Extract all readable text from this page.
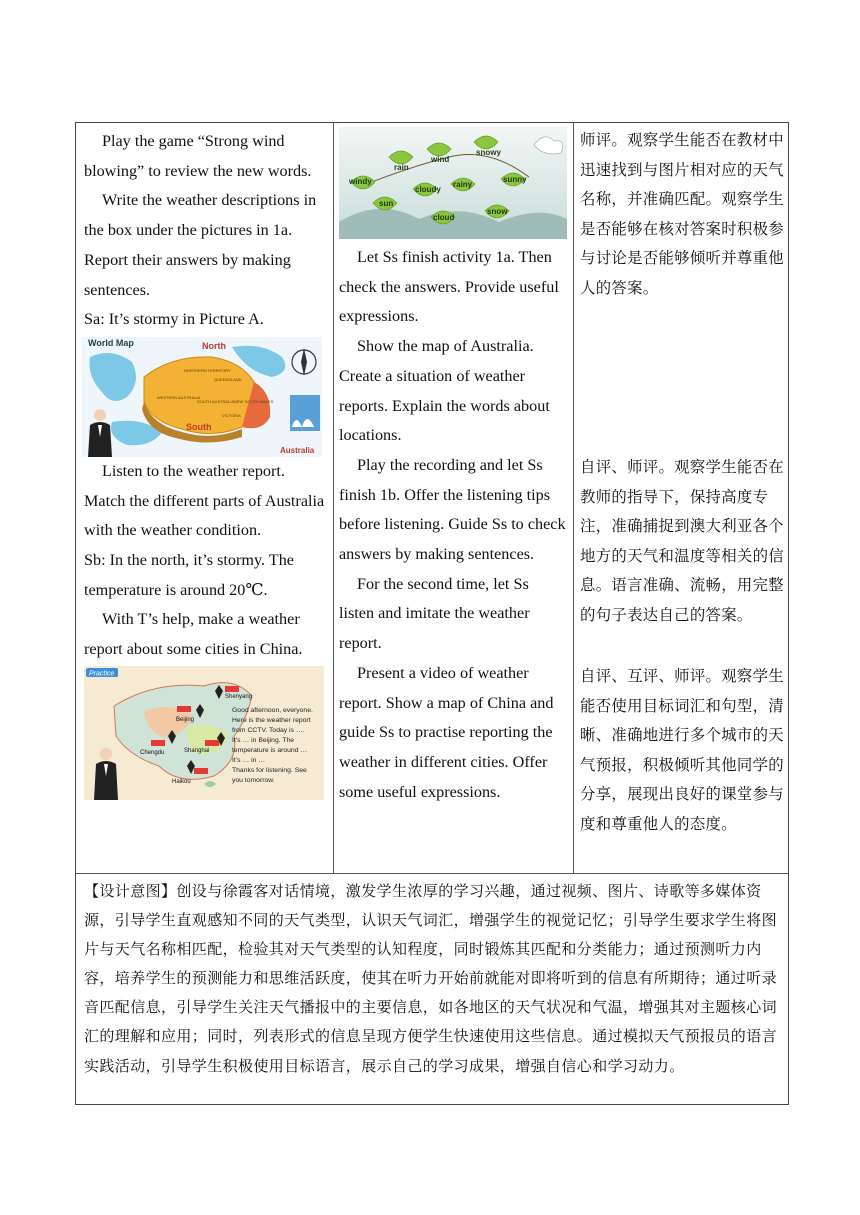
Play the game “Strong wind blowing” to review the new words.

Write the weather descriptions in the box under the pictures in 1a. Report their answers by making sentences.

Sa: It’s stormy in Picture A.

World Map	North
South
Australia
NORTHERN TERRITORY
QUEENSLAND
WESTERN AUSTRALIA
SOUTH AUSTRALIA NEW SOUTH WALES
VICTORIA

Listen to the weather report. Match the different parts of Australia with the weather condition.

Sb: In the north, it’s stormy. The temperature is around 20℃.

With T’s help, make a weather report about some cities in China.

Practice
Shenyang
Beijing
Chengdu	Shanghai
Haikou
Good afternoon, everyone.
Here is the weather report
from CCTV. Today is ….
It’s … in Beijing. The
temperature is around …
It’s … in …
Thanks for listening. See
you tomorrow.
rain
wind
snowy
windy
cloudy
rainy
sunny
sun
cloud
snow

Let Ss finish activity 1a. Then check the answers. Provide useful expressions.

Show the map of Australia. Create a situation of weather reports. Explain the words about locations.

Play the recording and let Ss finish 1b. Offer the listening tips before listening. Guide Ss to check answers by making sentences.

For the second time, let Ss listen and imitate the weather report.

Present a video of weather report. Show a map of China and guide Ss to practise reporting the weather in different cities. Offer some useful expressions.

师评。观察学生能否在教材中迅速找到与图片相对应的天气名称，并准确匹配。观察学生是否能够在核对答案时积极参与讨论是否能够倾听并尊重他人的答案。

自评、师评。观察学生能否在教师的指导下，保持高度专注，准确捕捉到澳大利亚各个地方的天气和温度等相关的信息。语言准确、流畅，用完整的句子表达自己的答案。

自评、互评、师评。观察学生能否使用目标词汇和句型，清晰、准确地进行多个城市的天气预报，积极倾听其他同学的分享，展现出良好的课堂参与度和尊重他人的态度。

【设计意图】创设与徐霞客对话情境，激发学生浓厚的学习兴趣，通过视频、图片、诗歌等多媒体资源，引导学生直观感知不同的天气类型，认识天气词汇，增强学生的视觉记忆；引导学生要求学生将图片与天气名称相匹配，检验其对天气类型的认知程度，同时锻炼其匹配和分类能力；通过预测听力内容，培养学生的预测能力和思维活跃度，使其在听力开始前就能对即将听到的信息有所期待；通过听录音匹配信息，引导学生关注天气播报中的主要信息，如各地区的天气状况和气温，增强其对主题核心词汇的理解和应用；同时，列表形式的信息呈现方便学生快速使用这些信息。通过模拟天气预报员的语言实践活动，引导学生积极使用目标语言，展示自己的学习成果，增强自信心和学习动力。
